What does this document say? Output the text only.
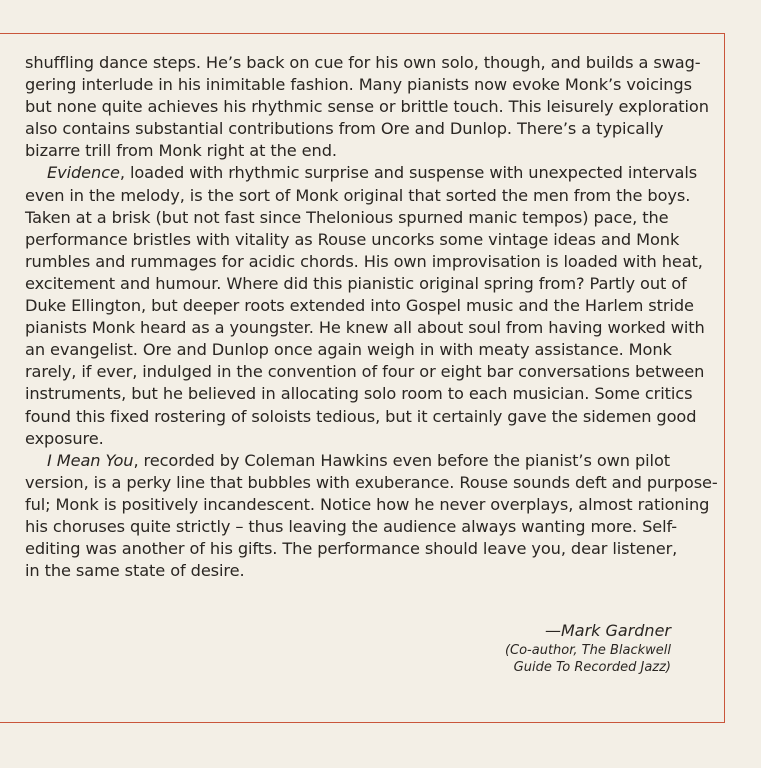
shuffling dance steps. He’s back on cue for his own solo, though, and builds a swag-
gering interlude in his inimitable fashion. Many pianists now evoke Monk’s voicings
but none quite achieves his rhythmic sense or brittle touch. This leisurely exploration
also contains substantial contributions from Ore and Dunlop. There’s a typically
bizarre trill from Monk right at the end.
Evidence, loaded with rhythmic surprise and suspense with unexpected intervals
even in the melody, is the sort of Monk original that sorted the men from the boys.
Taken at a brisk (but not fast since Thelonious spurned manic tempos) pace, the
performance bristles with vitality as Rouse uncorks some vintage ideas and Monk
rumbles and rummages for acidic chords. His own improvisation is loaded with heat,
excitement and humour. Where did this pianistic original spring from? Partly out of
Duke Ellington, but deeper roots extended into Gospel music and the Harlem stride
pianists Monk heard as a youngster. He knew all about soul from having worked with
an evangelist. Ore and Dunlop once again weigh in with meaty assistance. Monk
rarely, if ever, indulged in the convention of four or eight bar conversations between
instruments, but he believed in allocating solo room to each musician. Some critics
found this fixed rostering of soloists tedious, but it certainly gave the sidemen good
exposure.
I Mean You, recorded by Coleman Hawkins even before the pianist’s own pilot
version, is a perky line that bubbles with exuberance. Rouse sounds deft and purpose-
ful; Monk is positively incandescent. Notice how he never overplays, almost rationing
his choruses quite strictly – thus leaving the audience always wanting more. Self-
editing was another of his gifts. The performance should leave you, dear listener,
in the same state of desire.
—Mark Gardner
(Co-author, The Blackwell
Guide To Recorded Jazz)
